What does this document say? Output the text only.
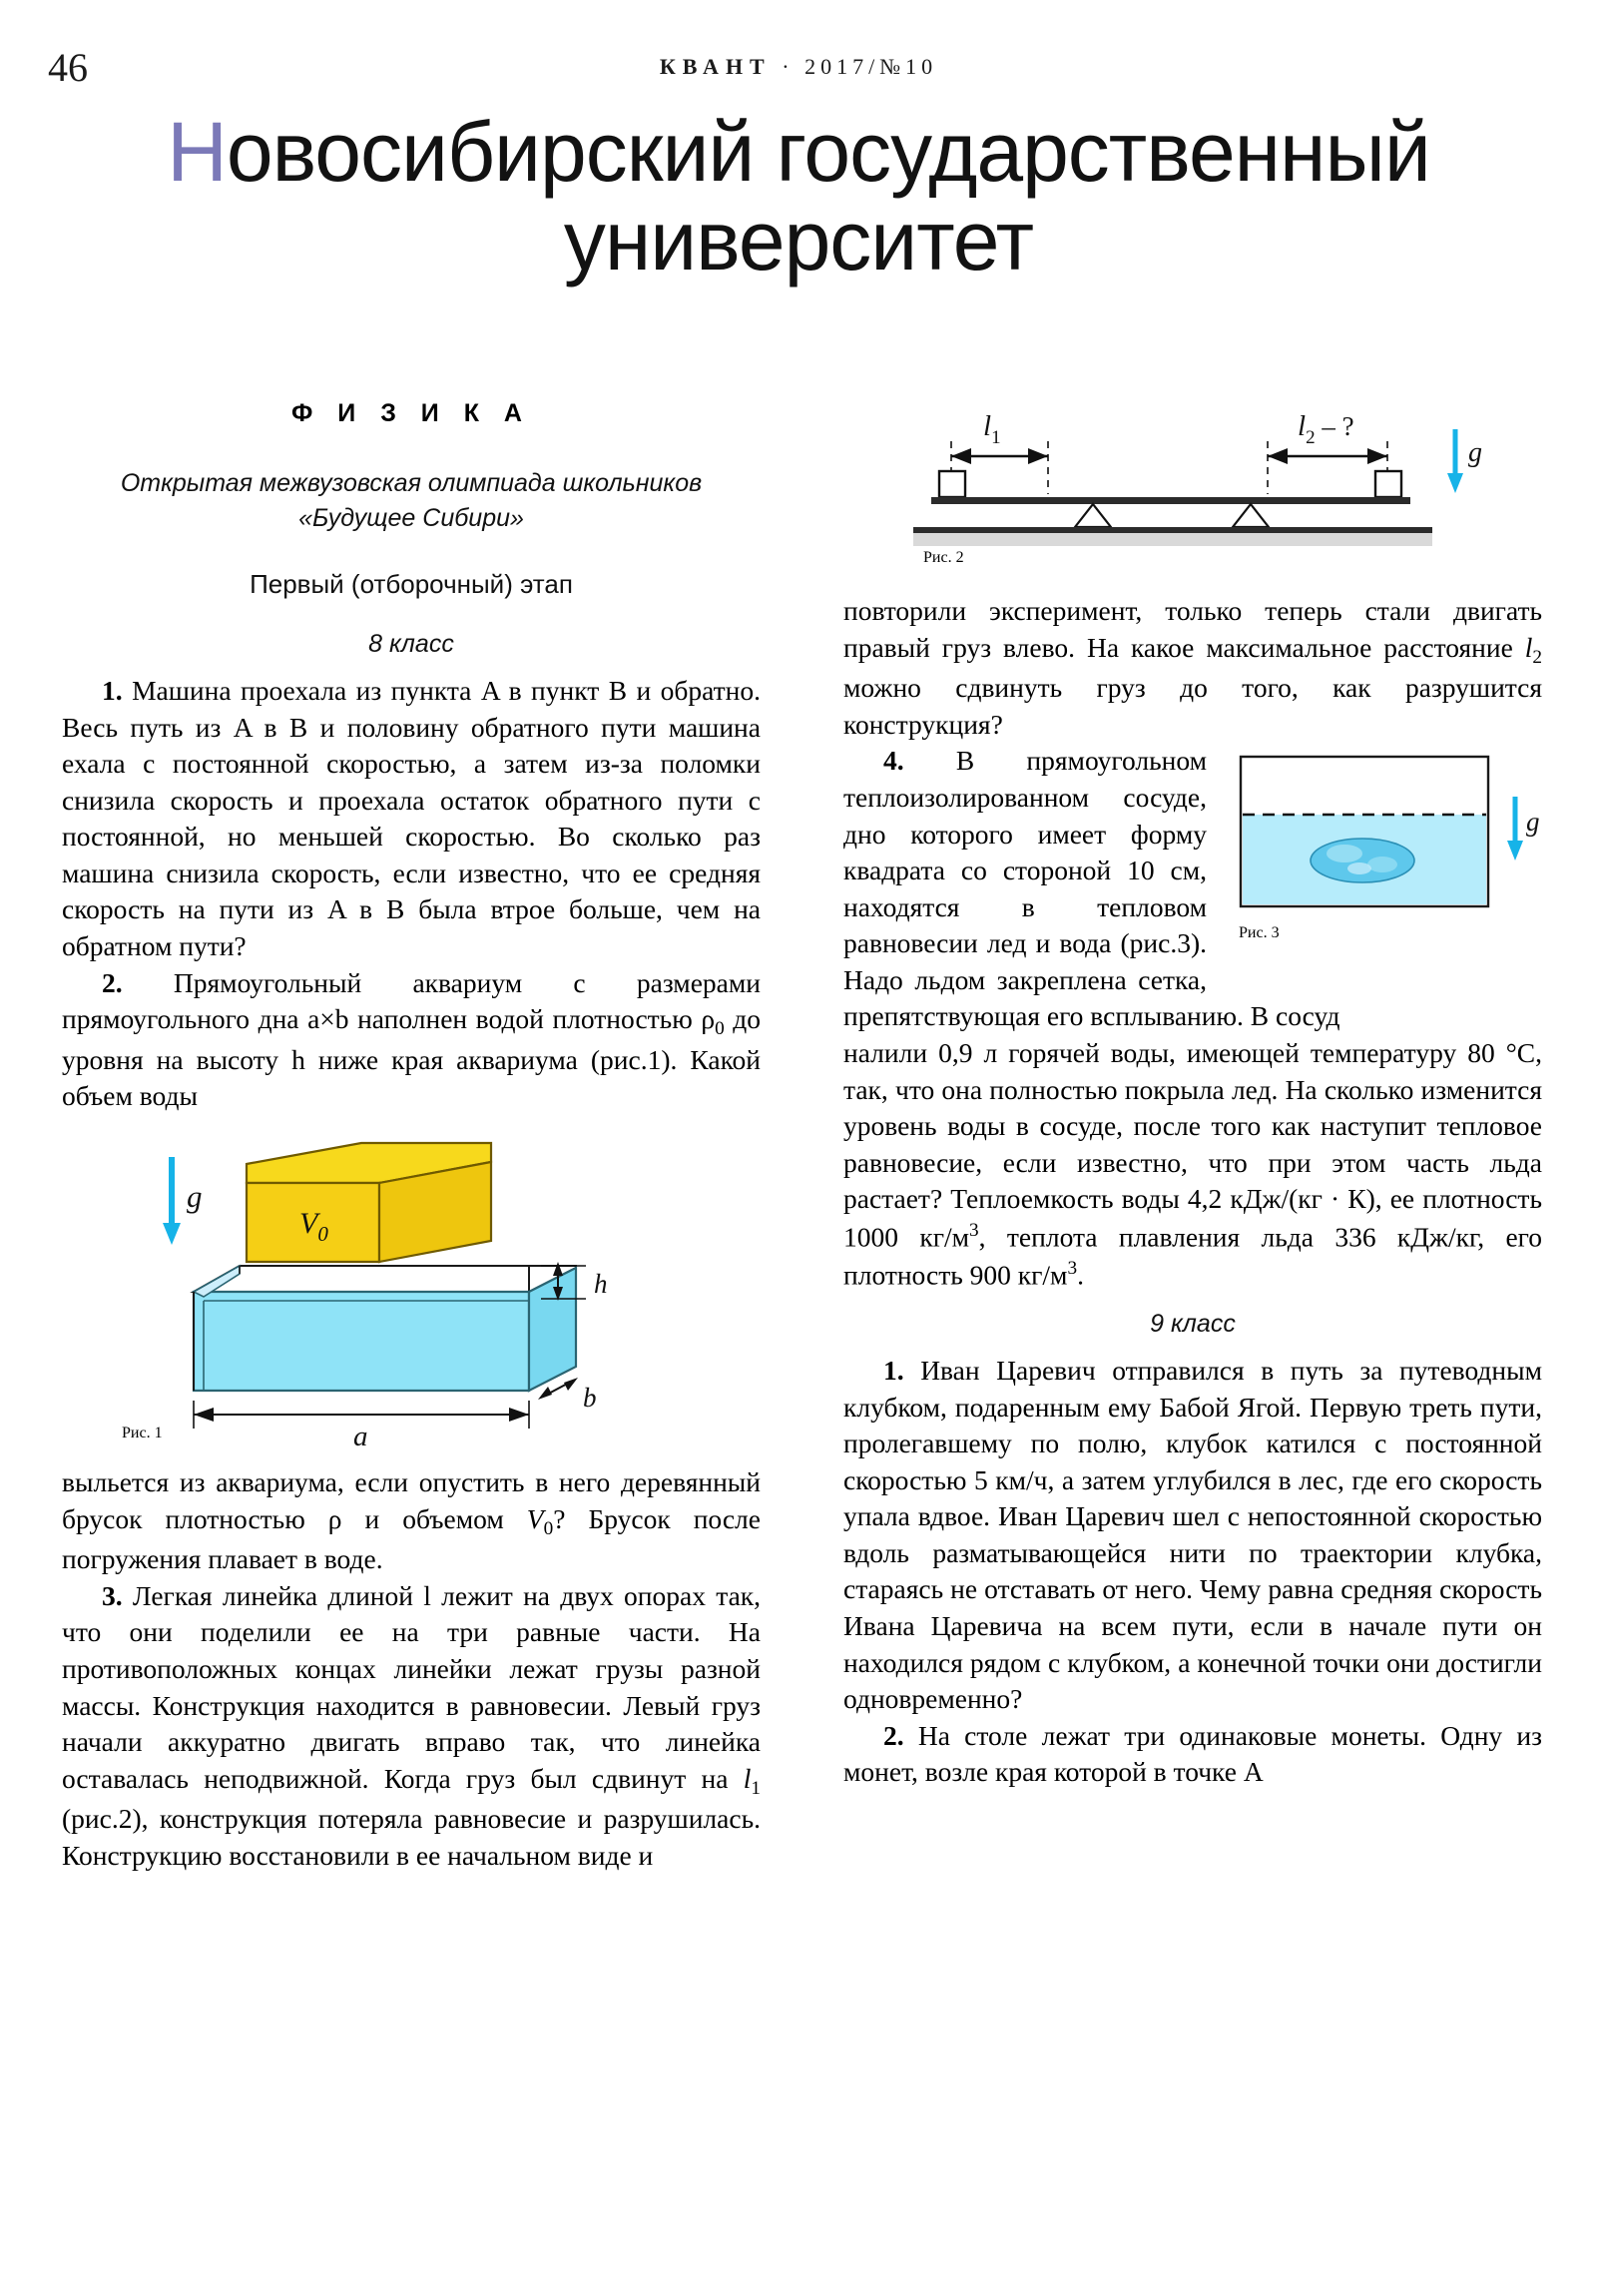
46	КВАНТ · 2017/№10
Новосибирский государственный
университет
Ф И З И К А
Открытая межвузовская олимпиада школьников «Будущее Сибири»
Первый (отборочный) этап
8 класс

1. Машина проехала из пункта A в пункт B и обратно. Весь путь из A в B и половину обратного пути машина ехала с постоянной скоростью, а затем из-за поломки снизила скорость и проехала остаток обратного пути с постоянной, но меньшей скоростью. Во сколько раз машина снизила скорость, если известно, что ее средняя скорость на пути из A в B была втрое больше, чем на обратном пути?

2. Прямоугольный аквариум с размерами прямоугольного дна a×b наполнен водой плотностью $\rho_0$ до уровня на высоту h ниже края аквариума (рис.1). Какой объем воды

g
$V_0$
h
b
a
Рис. 1

выльется из аквариума, если опустить в него деревянный брусок плотностью ρ и объемом $V_0$? Брусок после погружения плавает в воде.

3. Легкая линейка длиной l лежит на двух опорах так, что они поделили ее на три равные части. На противоположных концах линейки лежат грузы разной массы. Конструкция находится в равновесии. Левый груз начали аккуратно двигать вправо так, что линейка оставалась неподвижной. Когда груз был сдвинут на $l_1$ (рис.2), конструкция потеряла равновесие и разрушилась. Конструкцию восстановили в ее начальном виде и

$l_1$	$l_2$ – ?
g
Рис. 2

повторили эксперимент, только теперь стали двигать правый груз влево. На какое максимальное расстояние $l_2$ можно сдвинуть груз до того, как разрушится конструкция?

g
Рис. 3

4. В прямоугольном теплоизолированном сосуде, дно которого имеет форму квадрата со стороной 10 см, находятся в тепловом равновесии лед и вода (рис.3). Надо льдом закреплена сетка, препятствующая его всплыванию. В сосуд

налили 0,9 л горячей воды, имеющей температуру 80 °C, так, что она полностью покрыла лед. На сколько изменится уровень воды в сосуде, после того как наступит тепловое равновесие, если известно, что при этом часть льда растает? Теплоемкость воды 4,2 кДж/(кг · К), ее плотность 1000 $кг/м^3$, теплота плавления льда 336 кДж/кг, его плотность 900 $кг/м^3$.

9 класс

1. Иван Царевич отправился в путь за путеводным клубком, подаренным ему Бабой Ягой. Первую треть пути, пролегавшему по полю, клубок катился с постоянной скоростью 5 км/ч, а затем углубился в лес, где его скорость упала вдвое. Иван Царевич шел с непостоянной скоростью вдоль разматывающейся нити по траектории клубка, стараясь не отставать от него. Чему равна средняя скорость Ивана Царевича на всем пути, если в начале пути он находился рядом с клубком, а конечной точки они достигли одновременно?

2. На столе лежат три одинаковые монеты. Одну из монет, возле края которой в точке A
